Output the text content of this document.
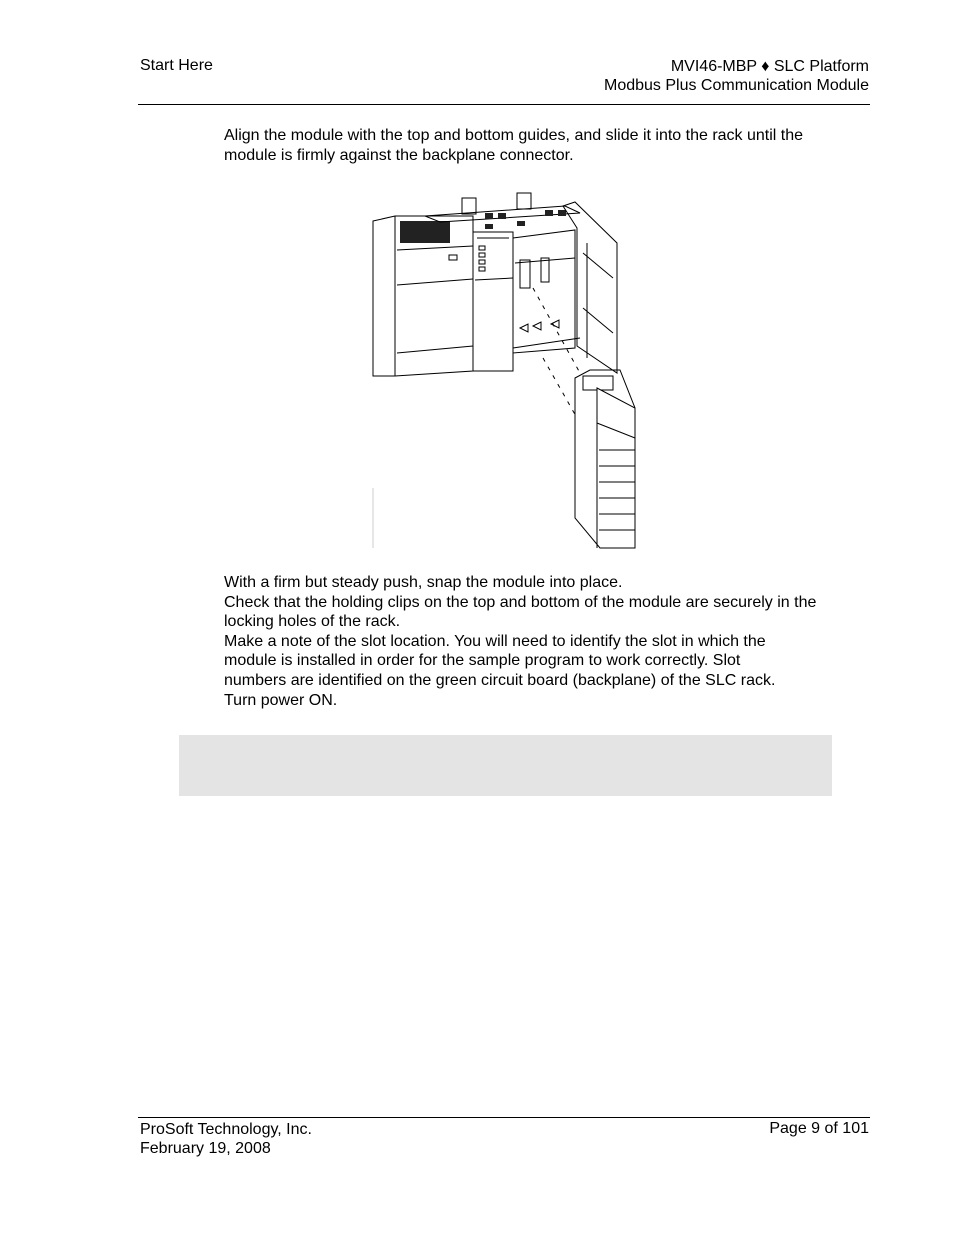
Start Here	MVI46-MBP ♦ SLC Platform
Modbus Plus Communication Module
Align the module with the top and bottom guides, and slide it into the rack until the module is firmly against the backplane connector.

With a firm but steady push, snap the module into place.

Check that the holding clips on the top and bottom of the module are securely in the locking holes of the rack.

Make a note of the slot location. You will need to identify the slot in which the module is installed in order for the sample program to work correctly. Slot numbers are identified on the green circuit board (backplane) of the SLC rack.

Turn power ON.

ProSoft Technology, Inc.
February 19, 2008
Page 9 of 101
